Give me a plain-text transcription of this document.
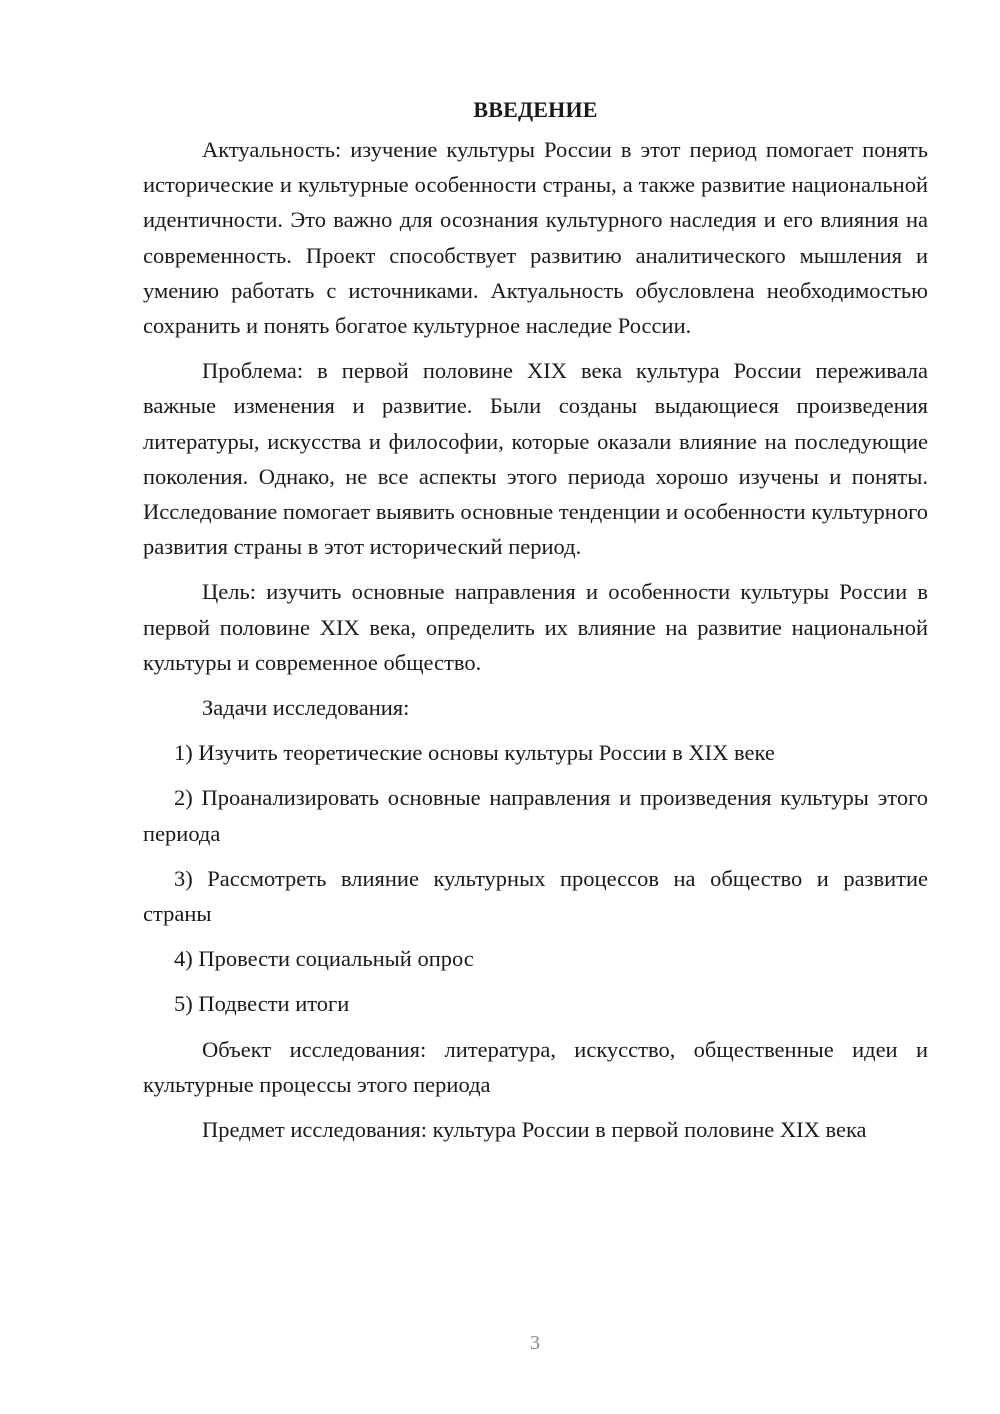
ВВЕДЕНИЕ

Актуальность: изучение культуры России в этот период помогает понять исторические и культурные особенности страны, а также развитие национальной идентичности. Это важно для осознания культурного наследия и его влияния на современность. Проект способствует развитию аналитического мышления и умению работать с источниками. Актуальность обусловлена необходимостью сохранить и понять богатое культурное наследие России.

Проблема: в первой половине XIX века культура России переживала важные изменения и развитие. Были созданы выдающиеся произведения литературы, искусства и философии, которые оказали влияние на последующие поколения. Однако, не все аспекты этого периода хорошо изучены и поняты. Исследование помогает выявить основные тенденции и особенности культурного развития страны в этот исторический период.

Цель: изучить основные направления и особенности культуры России в первой половине XIX века, определить их влияние на развитие национальной культуры и современное общество.

Задачи исследования:

1) Изучить теоретические основы культуры России в XIX веке

2) Проанализировать основные направления и произведения культуры этого периода

3) Рассмотреть влияние культурных процессов на общество и развитие страны

4) Провести социальный опрос

5) Подвести итоги

Объект исследования: литература, искусство, общественные идеи и культурные процессы этого периода

Предмет исследования: культура России в первой половине XIX века

3
